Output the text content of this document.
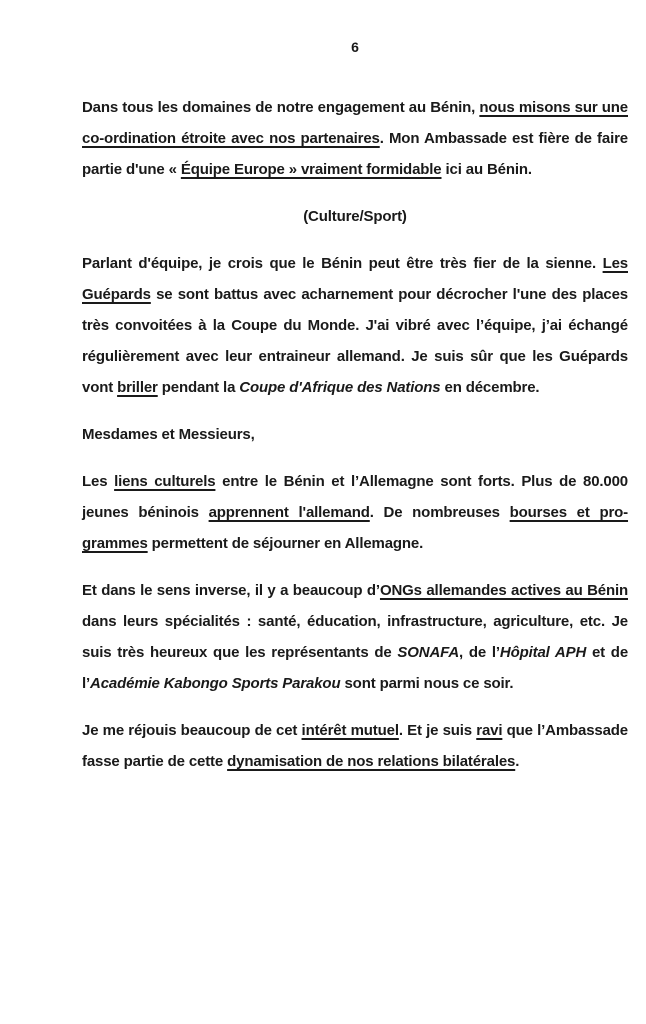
6

Dans tous les domaines de notre engagement au Bénin, nous misons sur une co-ordination étroite avec nos partenaires. Mon Ambassade est fière de faire partie d'une « Équipe Europe » vraiment formidable ici au Bénin.

(Culture/Sport)

Parlant d'équipe, je crois que le Bénin peut être très fier de la sienne. Les Guépards se sont battus avec acharnement pour décrocher l'une des places très convoitées à la Coupe du Monde. J'ai vibré avec l’équipe, j’ai échangé régulièrement avec leur entraineur allemand. Je suis sûr que les Guépards vont briller pendant la Coupe d'Afrique des Nations en décembre.

Mesdames et Messieurs,

Les liens culturels entre le Bénin et l’Allemagne sont forts. Plus de 80.000 jeunes béninois apprennent l'allemand. De nombreuses bourses et pro-grammes permettent de séjourner en Allemagne.

Et dans le sens inverse, il y a beaucoup d’ONGs allemandes actives au Bénin dans leurs spécialités : santé, éducation, infrastructure, agriculture, etc. Je suis très heureux que les représentants de SONAFA, de l’Hôpital APH et de l’Académie Kabongo Sports Parakou sont parmi nous ce soir.

Je me réjouis beaucoup de cet intérêt mutuel. Et je suis ravi que l’Ambassade fasse partie de cette dynamisation de nos relations bilatérales.
